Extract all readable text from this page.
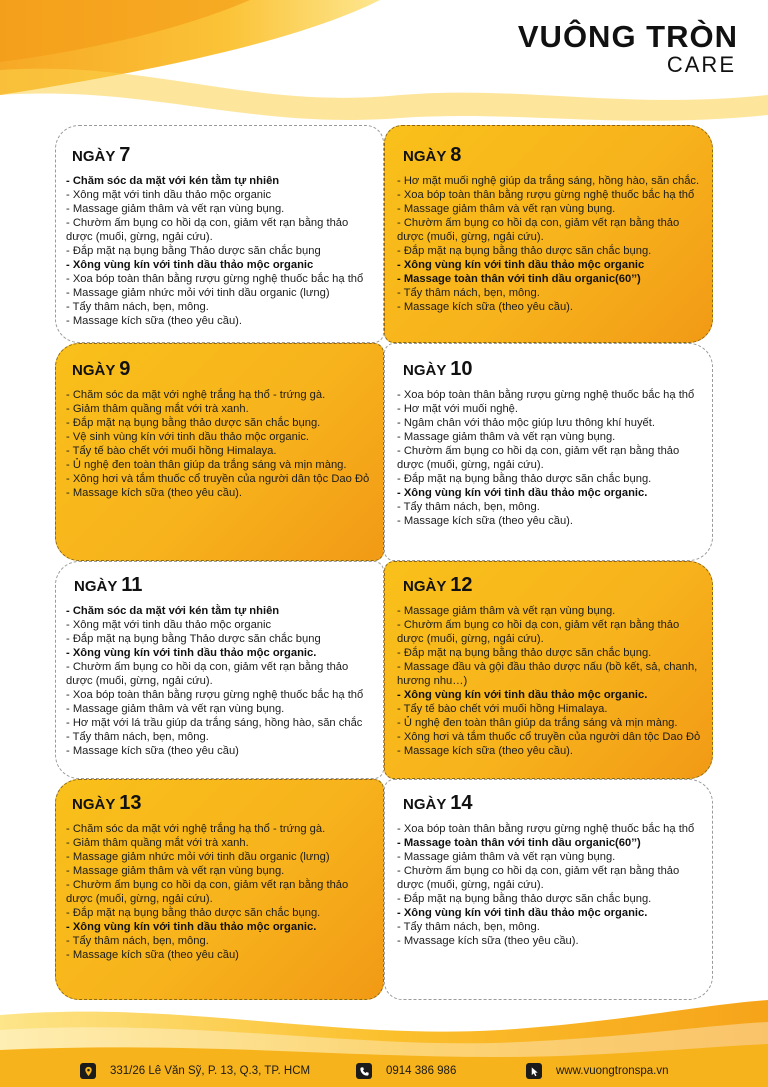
VUÔNG TRÒN
CARE
NGÀY 7
- Chăm sóc da mặt với kén tằm tự nhiên
- Xông mặt với tinh dầu thảo mộc organic
- Massage giảm thâm và vết rạn vùng bụng.
- Chườm ấm bụng co hồi dạ con, giảm vết rạn bằng thảo dược (muối, gừng, ngải cứu).
- Đắp mặt nạ bụng bằng Thảo dược săn chắc bụng
- Xông vùng kín với tinh dầu thảo mộc organic
- Xoa bóp toàn thân bằng rượu gừng nghệ thuốc bắc hạ thổ
- Massage giảm nhức mỏi với tinh dầu organic (lưng)
- Tẩy thâm nách, bẹn, mông.
- Massage kích sữa (theo yêu cầu).
NGÀY 8
- Hơ mặt muối nghệ giúp da trắng sáng, hồng hào, săn chắc.
- Xoa bóp toàn thân bằng rượu gừng nghệ thuốc bắc hạ thổ
- Massage giảm thâm và vết rạn vùng bụng.
- Chườm ấm bụng co hồi dạ con, giảm vết rạn bằng thảo dược (muối, gừng, ngải cứu).
- Đắp mặt nạ bụng bằng thảo dược săn chắc bụng.
- Xông vùng kín với tinh dầu thảo mộc organic
- Massage toàn thân với tinh dầu organic(60’’)
- Tẩy thâm nách, bẹn, mông.
- Massage kích sữa (theo yêu cầu).
NGÀY 9
- Chăm sóc da mặt với nghệ trắng hạ thổ - trứng gà.
- Giảm thâm quầng mắt với trà xanh.
- Đắp mặt nạ bụng bằng thảo dược săn chắc bụng.
- Vệ sinh vùng kín với tinh dầu thảo mộc organic.
- Tẩy tế bào chết với muối hồng Himalaya.
- Ủ nghệ đen toàn thân giúp da trắng sáng và mịn màng.
- Xông hơi và tắm thuốc cổ truyền của người dân tộc Dao Đỏ
- Massage kích sữa (theo yêu cầu).
NGÀY 10
- Xoa bóp toàn thân bằng rượu gừng nghệ thuốc bắc hạ thổ
- Hơ mặt với muối nghệ.
- Ngâm chân với thảo mộc giúp lưu thông khí huyết.
- Massage giảm thâm và vết rạn vùng bụng.
- Chườm ấm bụng co hồi dạ con, giảm vết rạn bằng thảo dược (muối, gừng, ngải cứu).
- Đắp mặt nạ bụng bằng thảo dược săn chắc bụng.
- Xông vùng kín với tinh dầu thảo mộc organic.
- Tẩy thâm nách, bẹn, mông.
- Massage kích sữa (theo yêu cầu).
NGÀY 11
- Chăm sóc da mặt với kén tằm tự nhiên
- Xông mặt với tinh dầu thảo mộc organic
- Đắp mặt nạ bụng bằng Thảo dược săn chắc bụng
- Xông vùng kín với tinh dầu thảo mộc organic.
- Chườm ấm bụng co hồi dạ con, giảm vết rạn bằng thảo dược (muối, gừng, ngải cứu).
- Xoa bóp toàn thân bằng rượu gừng nghệ thuốc bắc hạ thổ
- Massage giảm thâm và vết rạn vùng bụng.
- Hơ mặt với lá trầu giúp da trắng sáng, hồng hào, săn chắc
- Tẩy thâm nách, bẹn, mông.
- Massage kích sữa (theo yêu cầu)
NGÀY 12
- Massage giảm thâm và vết rạn vùng bụng.
- Chườm ấm bụng co hồi dạ con, giảm vết rạn bằng thảo dược (muối, gừng, ngải cứu).
- Đắp mặt nạ bụng bằng thảo dược săn chắc bụng.
- Massage đầu và gội đầu thảo dược nấu (bồ kết, sả, chanh, hương nhu…)
- Xông vùng kín với tinh dầu thảo mộc organic.
- Tẩy tế bào chết với muối hồng Himalaya.
- Ủ nghệ đen toàn thân giúp da trắng sáng và mịn màng.
- Xông hơi và tắm thuốc cổ truyền của người dân tộc Dao Đỏ
- Massage kích sữa (theo yêu cầu).
NGÀY 13
- Chăm sóc da mặt với nghệ trắng hạ thổ - trứng gà.
- Giảm thâm quầng mắt với trà xanh.
- Massage giảm nhức mỏi với tinh dầu organic (lưng)
- Massage giảm thâm và vết rạn vùng bụng.
- Chườm ấm bụng co hồi dạ con, giảm vết rạn bằng thảo dược (muối, gừng, ngải cứu).
- Đắp mặt nạ bụng bằng thảo dược săn chắc bụng.
- Xông vùng kín với tinh dầu thảo mộc organic.
- Tẩy thâm nách, bẹn, mông.
- Massage kích sữa (theo yêu cầu)
NGÀY 14
- Xoa bóp toàn thân bằng rượu gừng nghệ thuốc bắc hạ thổ
- Massage toàn thân với tinh dầu organic(60’’)
- Massage giảm thâm và vết rạn vùng bụng.
- Chườm ấm bụng co hồi dạ con, giảm vết rạn bằng thảo dược (muối, gừng, ngải cứu).
- Đắp mặt nạ bụng bằng thảo dược săn chắc bụng.
- Xông vùng kín với tinh dầu thảo mộc organic.
- Tẩy thâm nách, bẹn, mông.
- Mvassage kích sữa (theo yêu cầu).
331/26 Lê Văn Sỹ, P. 13, Q.3, TP. HCM	0914 386 986	www.vuongtronspa.vn
